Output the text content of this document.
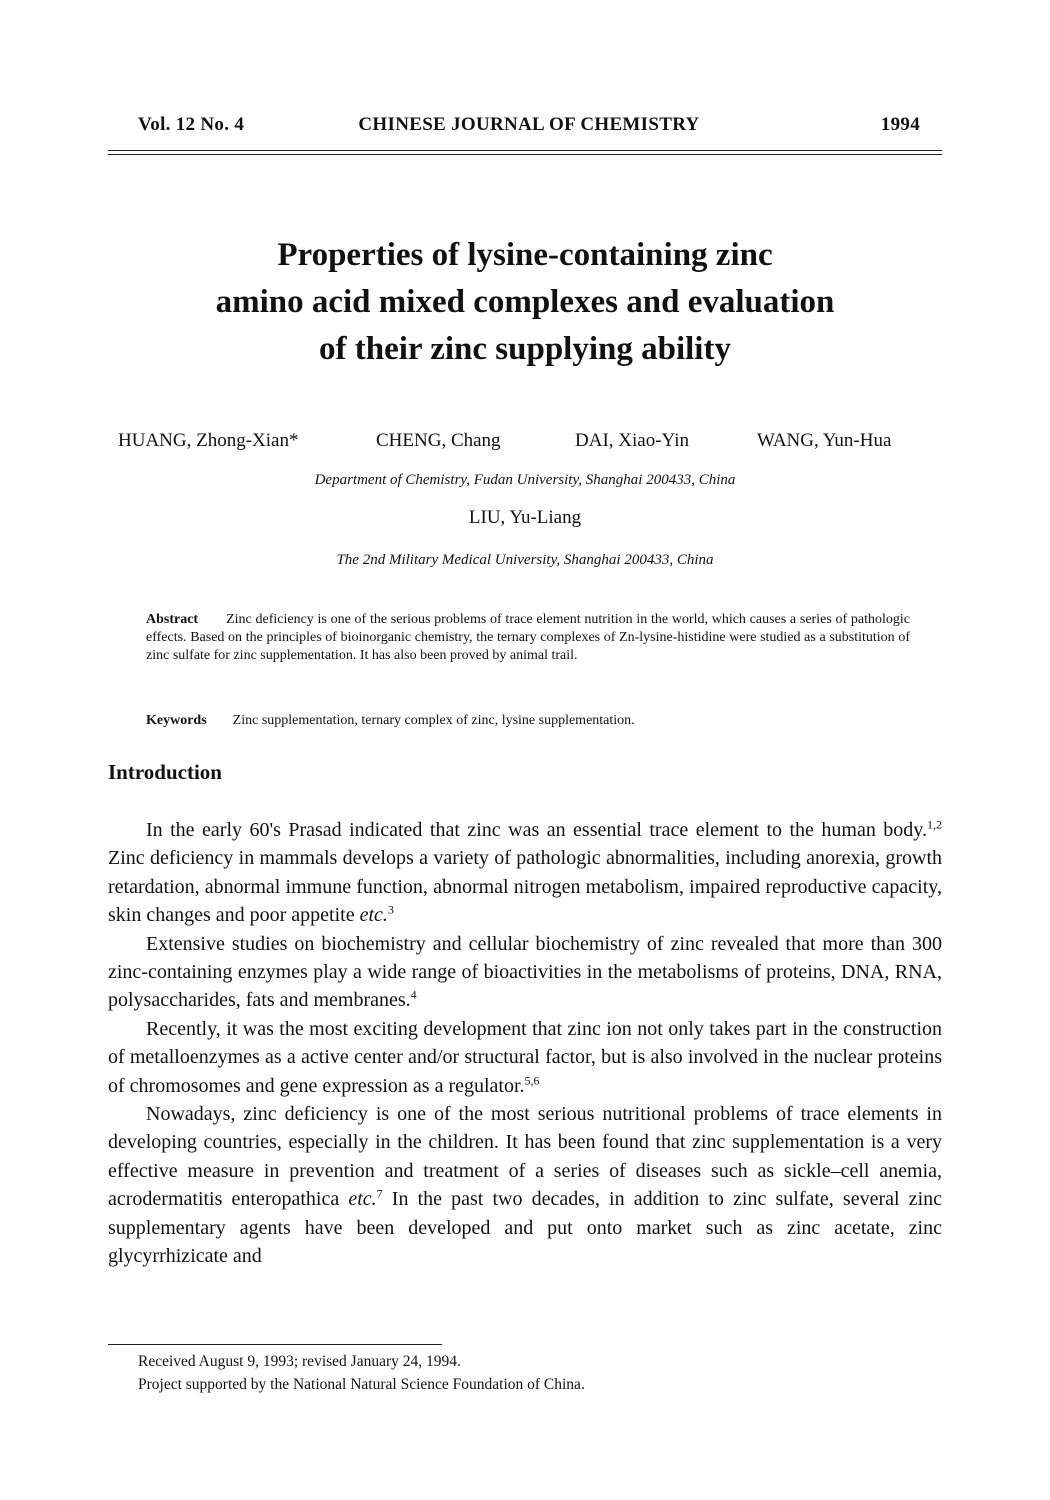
Vol. 12 No. 4	CHINESE JOURNAL OF CHEMISTRY	1994
Properties of lysine-containing zinc
amino acid mixed complexes and evaluation
of their zinc supplying ability
HUANG, Zhong-Xian*	CHENG, Chang	DAI, Xiao-Yin	WANG, Yun-Hua
Department of Chemistry, Fudan University, Shanghai 200433, China
LIU, Yu-Liang
The 2nd Military Medical University, Shanghai 200433, China
Abstract Zinc deficiency is one of the serious problems of trace element nutrition in the world, which causes a series of pathologic effects. Based on the principles of bioinorganic chemistry, the ternary complexes of Zn-lysine-histidine were studied as a substitution of zinc sulfate for zinc supplementation. It has also been proved by animal trail.
Keywords Zinc supplementation, ternary complex of zinc, lysine supplementation.
Introduction

In the early 60's Prasad indicated that zinc was an essential trace element to the human body.$^{1,2}$ Zinc deficiency in mammals develops a variety of pathologic abnormalities, including anorexia, growth retardation, abnormal immune function, abnormal nitrogen metabolism, impaired reproductive capacity, skin changes and poor appetite etc.$^3$

Extensive studies on biochemistry and cellular biochemistry of zinc revealed that more than 300 zinc-containing enzymes play a wide range of bioactivities in the metabolisms of proteins, DNA, RNA, polysaccharides, fats and membranes.$^4$

Recently, it was the most exciting development that zinc ion not only takes part in the construction of metalloenzymes as a active center and/or structural factor, but is also involved in the nuclear proteins of chromosomes and gene expression as a regulator.$^{5,6}$

Nowadays, zinc deficiency is one of the most serious nutritional problems of trace elements in developing countries, especially in the children. It has been found that zinc supplementation is a very effective measure in prevention and treatment of a series of diseases such as sickle–cell anemia, acrodermatitis enteropathica etc.$^7$ In the past two decades, in addition to zinc sulfate, several zinc supplementary agents have been developed and put onto market such as zinc acetate, zinc glycyrrhizicate and

Received August 9, 1993; revised January 24, 1994.
Project supported by the National Natural Science Foundation of China.
